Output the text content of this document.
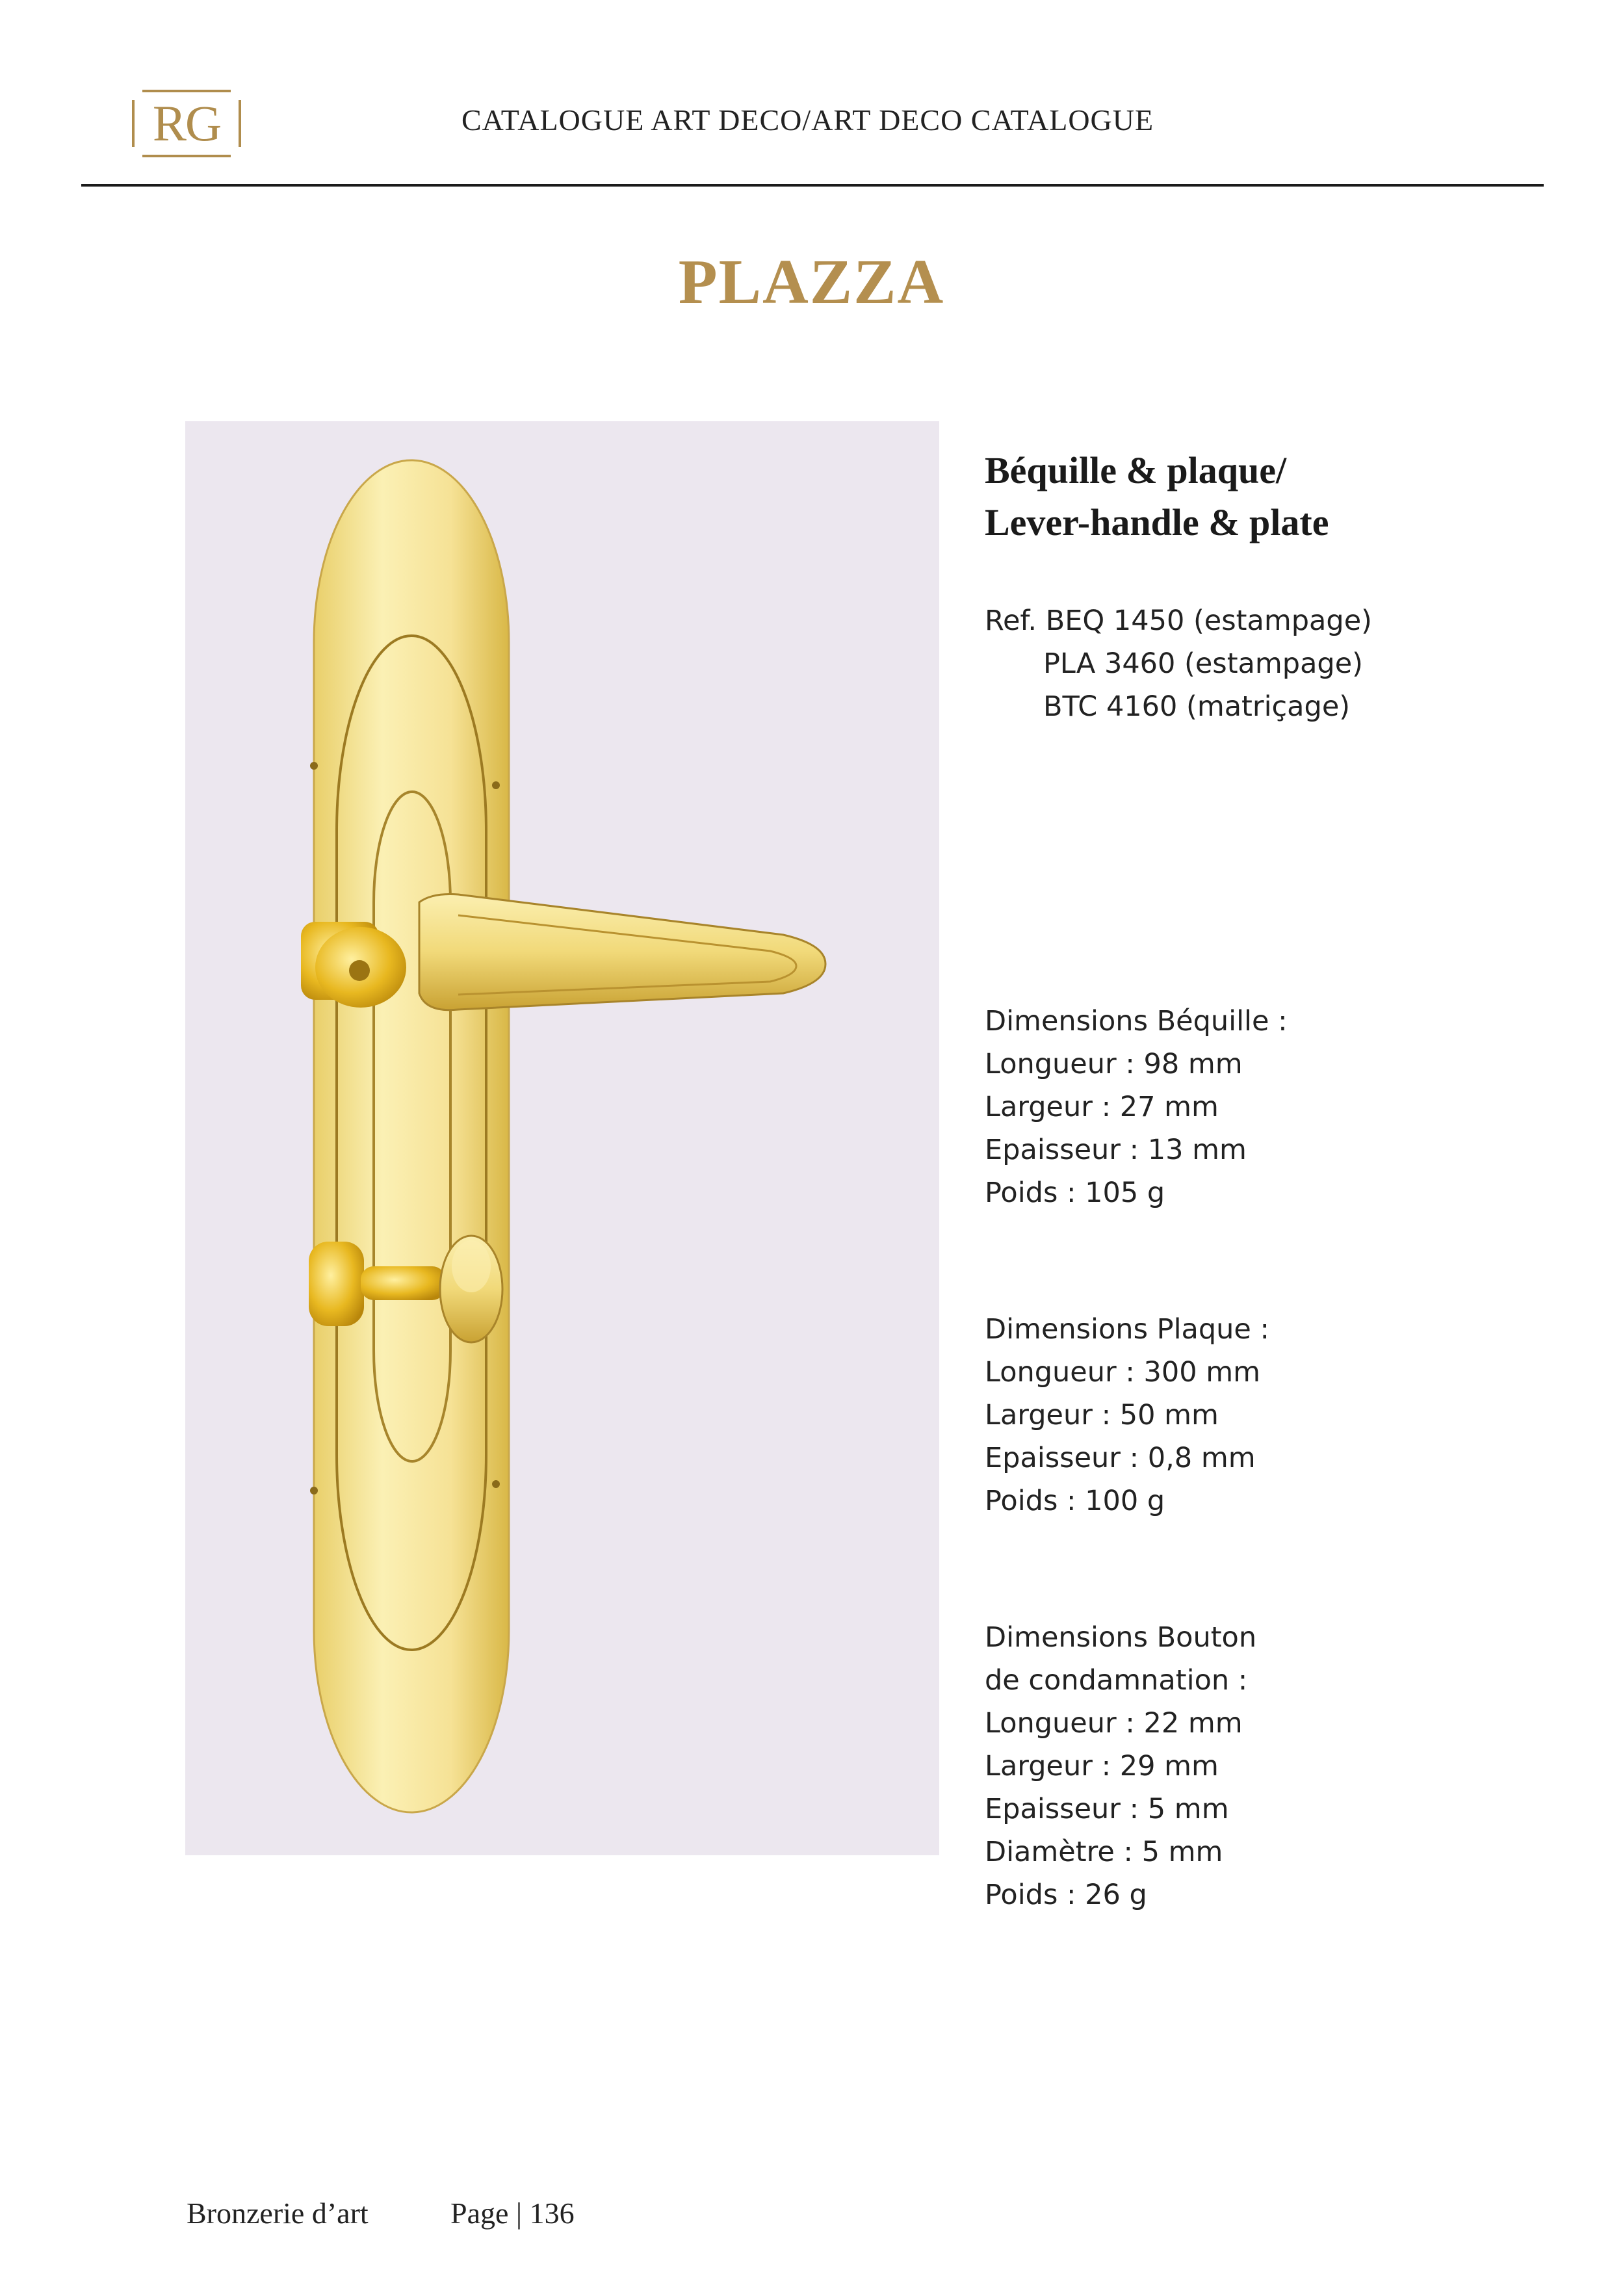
RG	CATALOGUE ART DECO/ART DECO CATALOGUE
PLAZZA
Béquille & plaque/
Lever-handle & plate
Ref. BEQ 1450 (estampage)
PLA 3460 (estampage)
BTC 4160 (matriçage)
Dimensions Béquille :
Longueur : 98 mm
Largeur : 27 mm
Epaisseur : 13 mm
Poids : 105 g
Dimensions Plaque :
Longueur : 300 mm
Largeur : 50 mm
Epaisseur : 0,8 mm
Poids : 100 g
Dimensions Bouton
de condamnation :
Longueur : 22 mm
Largeur : 29 mm
Epaisseur : 5 mm
Diamètre : 5 mm
Poids : 26 g
Bronzerie d’art	Page | 136
